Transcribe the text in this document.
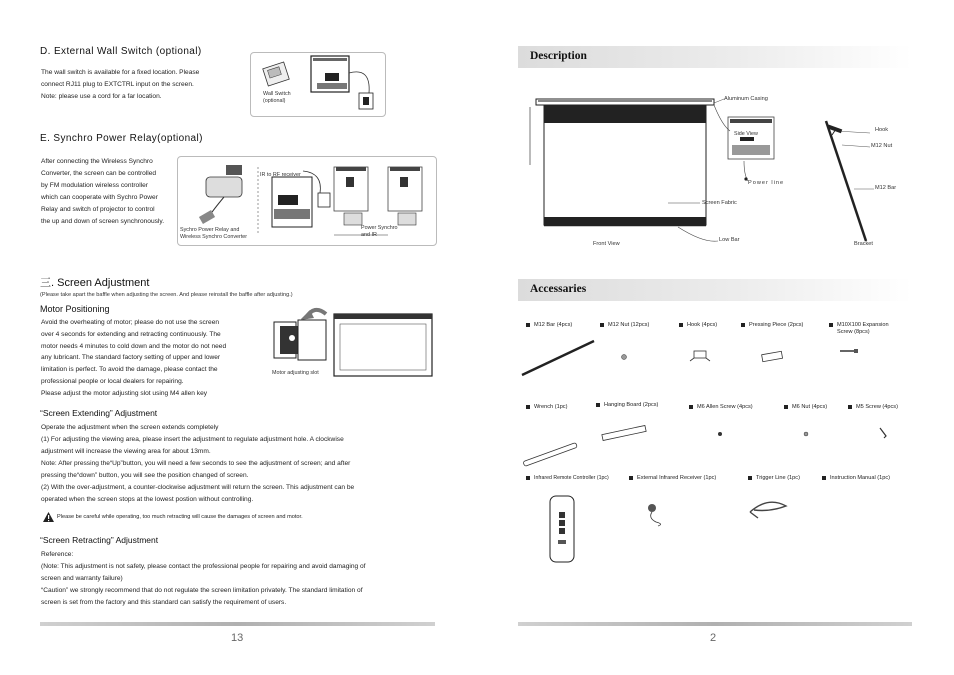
D. External Wall Switch (optional)
The wall switch is available for a fixed location. Please
connect RJ11 plug to EXTCTRL input on the screen.
Note: please use a cord for a far location.	Wall Switch
(optional)
E. Synchro Power Relay(optional)
After connecting the Wireless Synchro
Converter, the screen can be controlled
by FM modulation wireless controller
which can cooperate with Sychro Power
Relay and switch of projector to control
the up and down of screen synchronously.
IR to RF receiver
Sychro Power Relay and
Wireless Synchro Converter
Power Synchro
and IR
三. Screen Adjustment
(Please take apart the baffle when adjusting the screen. And please reinstall the baffle after adjusting.)
Motor Positioning
Avoid the overheating of motor; please do not use the screen
over 4 seconds for extending and retracting continuously. The
motor needs 4 minutes to cold down and the motor do not need
any lubricant. The standard factory setting of upper and lower
limitation is perfect. To avoid the damage, please contact the
professional people or local dealers for repairing.
Please adjust the motor adjusting slot using M4 allen key
Motor adjusting slot
“Screen Extending” Adjustment
Operate the adjustment when the screen extends completely
(1) For adjusting the viewing area, please insert the adjustment to regulate adjustment hole. A clockwise
adjustment will increase the viewing area for about 13mm.
Note: After pressing the“Up”button, you will need a few seconds to see the adjustment of screen; and after
pressing the“down” button, you will see the position changed of screen.
(2) With the over-adjustment, a counter-clockwise adjustment will return the screen. This adjustment can be
operated when the screen stops at the lowest postion without controlling.
Please be careful while operating, too much retracting will cause the damages of screen and motor.
“Screen Retracting” Adjustment
Reference:
(Note: This adjustment is not safety, please contact the professional people for repairing and avoid damaging of
screen and warranty failure)
“Caution” we strongly recommend that do not regulate the screen limitation privately. The standard limitation of
screen is set from the factory and this standard can satisfy the requirement of users.
13
Description
Aluminum Casing
Side View
Power line
Screen Fabric
Front View
Low Bar
Hook
M12 Nut
M12 Bar
Bracket
Accessaries
M12 Bar (4pcs)	M12 Nut (12pcs)	Hook (4pcs)	Pressing Piece (2pcs)	M10X100 Expansion
Screw (8pcs)
Wrench (1pc)	Hanging Board (2pcs)	M6 Allen Screw (4pcs)	M6 Nut (4pcs)	M5 Screw (4pcs)
Infrared Remote Controller (1pc)	External Infrared Receiver (1pc)	Trigger Line (1pc)	Instruction Manual (1pc)
2
